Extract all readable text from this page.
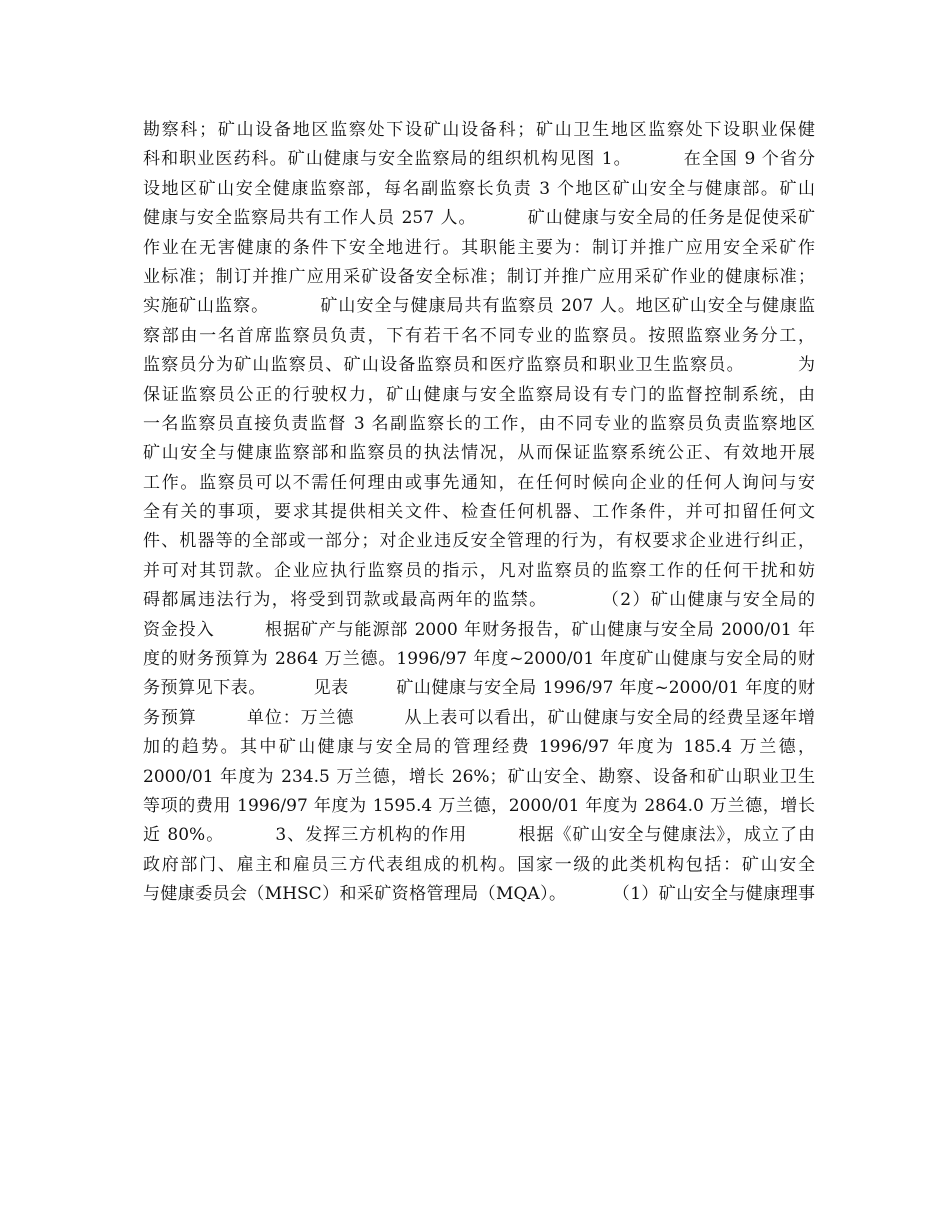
勘察科；矿山设备地区监察处下设矿山设备科；矿山卫生地区监察处下设职业保健
科和职业医药科。矿山健康与安全监察局的组织机构见图 1。        在全国 9 个省分
设地区矿山安全健康监察部，每名副监察长负责 3 个地区矿山安全与健康部。矿山
健康与安全监察局共有工作人员 257 人。        矿山健康与安全局的任务是促使采矿
作业在无害健康的条件下安全地进行。其职能主要为：制订并推广应用安全采矿作
业标准；制订并推广应用采矿设备安全标准；制订并推广应用采矿作业的健康标准；
实施矿山监察。        矿山安全与健康局共有监察员 207 人。地区矿山安全与健康监
察部由一名首席监察员负责，下有若干名不同专业的监察员。按照监察业务分工，
监察员分为矿山监察员、矿山设备监察员和医疗监察员和职业卫生监察员。        为
保证监察员公正的行驶权力，矿山健康与安全监察局设有专门的监督控制系统，由
一名监察员直接负责监督 3 名副监察长的工作，由不同专业的监察员负责监察地区
矿山安全与健康监察部和监察员的执法情况，从而保证监察系统公正、有效地开展
工作。监察员可以不需任何理由或事先通知，在任何时候向企业的任何人询问与安
全有关的事项，要求其提供相关文件、检查任何机器、工作条件，并可扣留任何文
件、机器等的全部或一部分；对企业违反安全管理的行为，有权要求企业进行纠正，
并可对其罚款。企业应执行监察员的指示，凡对监察员的监察工作的任何干扰和妨
碍都属违法行为，将受到罚款或最高两年的监禁。        （2）矿山健康与安全局的
资金投入        根据矿产与能源部 2000 年财务报告，矿山健康与安全局 2000/01 年
度的财务预算为 2864 万兰德。1996/97 年度~2000/01 年度矿山健康与安全局的财
务预算见下表。        见表        矿山健康与安全局 1996/97 年度~2000/01 年度的财
务预算        单位：万兰德        从上表可以看出，矿山健康与安全局的经费呈逐年增
加的趋势。其中矿山健康与安全局的管理经费 1996/97 年度为 185.4 万兰德，
2000/01 年度为 234.5 万兰德，增长 26%；矿山安全、勘察、设备和矿山职业卫生
等项的费用 1996/97 年度为 1595.4 万兰德，2000/01 年度为 2864.0 万兰德，增长
近 80%。        3、发挥三方机构的作用        根据《矿山安全与健康法》，成立了由
政府部门、雇主和雇员三方代表组成的机构。国家一级的此类机构包括：矿山安全
与健康委员会（MHSC）和采矿资格管理局（MQA）。        （1）矿山安全与健康理事
